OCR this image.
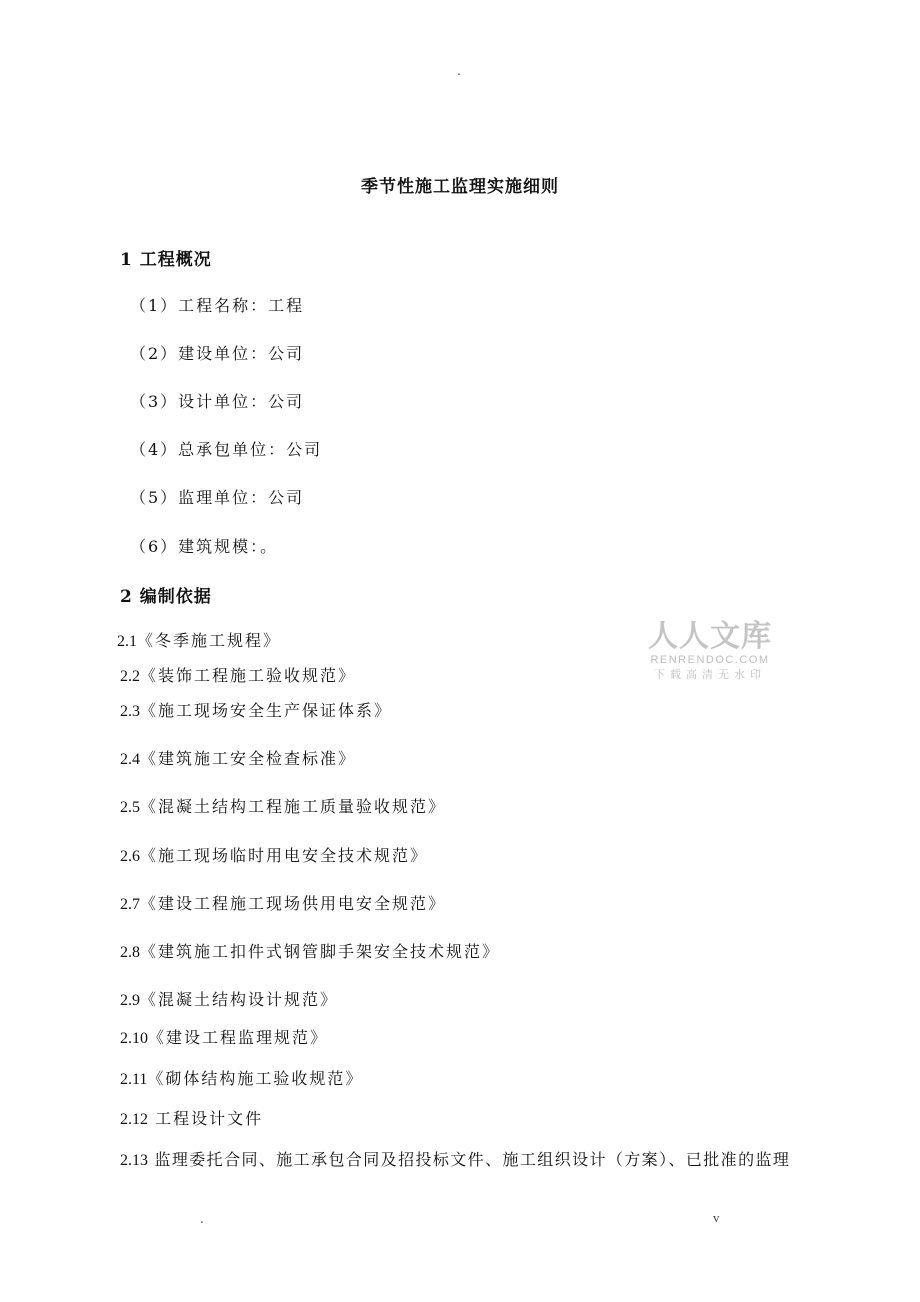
.
季节性施工监理实施细则
1 工程概况
（1）工程名称：工程
（2）建设单位：公司
（3）设计单位：公司
（4）总承包单位：公司
（5）监理单位：公司
（6）建筑规模：。
2 编制依据
2.1《冬季施工规程》
2.2《装饰工程施工验收规范》
2.3《施工现场安全生产保证体系》
2.4《建筑施工安全检查标准》
2.5《混凝土结构工程施工质量验收规范》
2.6《施工现场临时用电安全技术规范》
2.7《建设工程施工现场供用电安全规范》
2.8《建筑施工扣件式钢管脚手架安全技术规范》
2.9《混凝土结构设计规范》
2.10《建设工程监理规范》
2.11《砌体结构施工验收规范》
2.12 工程设计文件
2.13 监理委托合同、施工承包合同及招投标文件、施工组织设计（方案）、已批准的监理
人人文库
RENRENDOC.COM
下载高清无水印
.	v
